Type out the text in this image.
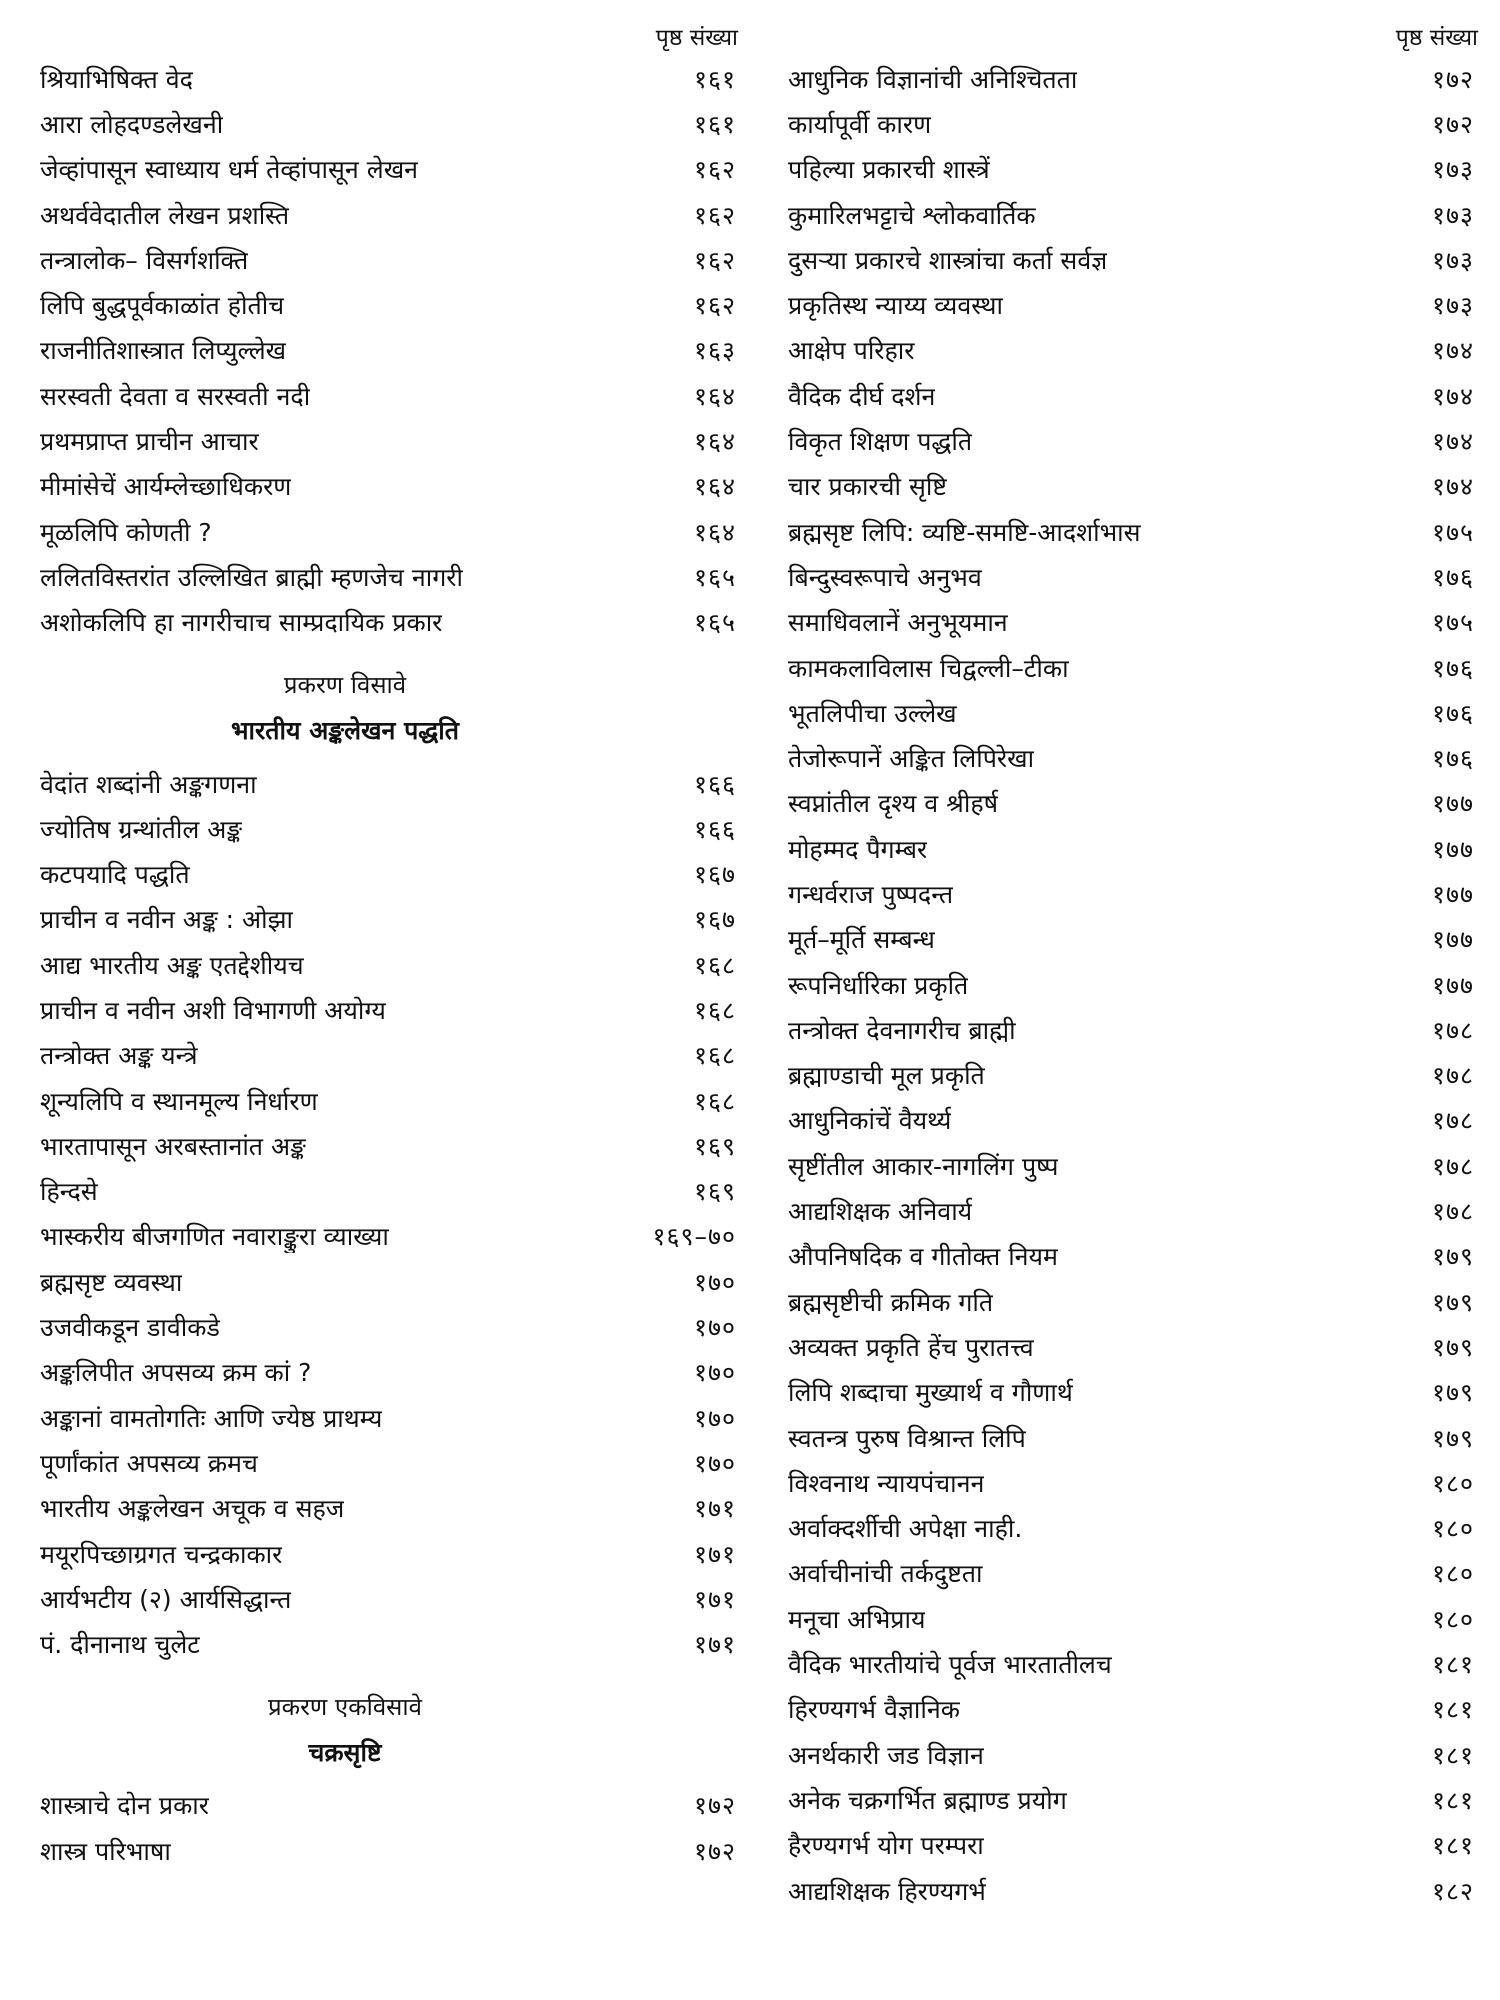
पृष्ठ संख्या
श्रियाभिषिक्त वेद	१६१
आरा लोहदण्डलेखनी	१६१
जेव्हांपासून स्वाध्याय धर्म तेव्हांपासून लेखन	१६२
अथर्ववेदातील लेखन प्रशस्ति	१६२
तन्त्रालोक– विसर्गशक्ति	१६२
लिपि बुद्धपूर्वकाळांत होतीच	१६२
राजनीतिशास्त्रात लिप्युल्लेख	१६३
सरस्वती देवता व सरस्वती नदी	१६४
प्रथमप्राप्त प्राचीन आचार	१६४
मीमांसेचें आर्यम्लेच्छाधिकरण	१६४
मूळलिपि कोणती ?	१६४
ललितविस्तरांत उल्लिखित ब्राह्मी म्हणजेच नागरी	१६५
अशोकलिपि हा नागरीचाच साम्प्रदायिक प्रकार	१६५
प्रकरण विसावे
भारतीय अङ्कलेखन पद्धति
वेदांत शब्दांनी अङ्कगणना	१६६
ज्योतिष ग्रन्थांतील अङ्क	१६६
कटपयादि पद्धति	१६७
प्राचीन व नवीन अङ्क : ओझा	१६७
आद्य भारतीय अङ्क एतद्देशीयच	१६८
प्राचीन व नवीन अशी विभागणी अयोग्य	१६८
तन्त्रोक्त अङ्क यन्त्रे	१६८
शून्यलिपि व स्थानमूल्य निर्धारण	१६८
भारतापासून अरबस्तानांत अङ्क	१६९
हिन्दसे	१६९
भास्करीय बीजगणित नवाराङ्कुरा व्याख्या	१६९–७०
ब्रह्मसृष्ट व्यवस्था	१७०
उजवीकडून डावीकडे	१७०
अङ्कलिपीत अपसव्य क्रम कां ?	१७०
अङ्कानां वामतोगतिः आणि ज्येष्ठ प्राथम्य	१७०
पूर्णांकांत अपसव्य क्रमच	१७०
भारतीय अङ्कलेखन अचूक व सहज	१७१
मयूरपिच्छाग्रगत चन्द्रकाकार	१७१
आर्यभटीय (२) आर्यसिद्धान्त	१७१
पं. दीनानाथ चुलेट	१७१
प्रकरण एकविसावे
चक्रसृष्टि
शास्त्राचे दोन प्रकार	१७२
शास्त्र परिभाषा	१७२
पृष्ठ संख्या
आधुनिक विज्ञानांची अनिश्चितता	१७२
कार्यापूर्वी कारण	१७२
पहिल्या प्रकारची शास्त्रें	१७३
कुमारिलभट्टाचे श्लोकवार्तिक	१७३
दुसऱ्या प्रकारचे शास्त्रांचा कर्ता सर्वज्ञ	१७३
प्रकृतिस्थ न्याय्य व्यवस्था	१७३
आक्षेप परिहार	१७४
वैदिक दीर्घ दर्शन	१७४
विकृत शिक्षण पद्धति	१७४
चार प्रकारची सृष्टि	१७४
ब्रह्मसृष्ट लिपि: व्यष्टि-समष्टि-आदर्शाभास	१७५
बिन्दुस्वरूपाचे अनुभव	१७६
समाधिवलानें अनुभूयमान	१७५
कामकलाविलास चिद्वल्ली–टीका	१७६
भूतलिपीचा उल्लेख	१७६
तेजोरूपानें अङ्कित लिपिरेखा	१७६
स्वप्नांतील दृश्य व श्रीहर्ष	१७७
मोहम्मद पैगम्बर	१७७
गन्धर्वराज पुष्पदन्त	१७७
मूर्त–मूर्ति सम्बन्ध	१७७
रूपनिर्धारिका प्रकृति	१७७
तन्त्रोक्त देवनागरीच ब्राह्मी	१७८
ब्रह्माण्डाची मूल प्रकृति	१७८
आधुनिकांचें वैयर्थ्य	१७८
सृष्टींतील आकार-नागलिंग पुष्प	१७८
आद्यशिक्षक अनिवार्य	१७८
औपनिषदिक व गीतोक्त नियम	१७९
ब्रह्मसृष्टीची क्रमिक गति	१७९
अव्यक्त प्रकृति हेंच पुरातत्त्व	१७९
लिपि शब्दाचा मुख्यार्थ व गौणार्थ	१७९
स्वतन्त्र पुरुष विश्रान्त लिपि	१७९
विश्वनाथ न्यायपंचानन	१८०
अर्वाक्दर्शीची अपेक्षा नाही.	१८०
अर्वाचीनांची तर्कदुष्टता	१८०
मनूचा अभिप्राय	१८०
वैदिक भारतीयांचे पूर्वज भारतातीलच	१८१
हिरण्यगर्भ वैज्ञानिक	१८१
अनर्थकारी जड विज्ञान	१८१
अनेक चक्रगर्भित ब्रह्माण्ड प्रयोग	१८१
हैरण्यगर्भ योग परम्परा	१८१
आद्यशिक्षक हिरण्यगर्भ	१८२
